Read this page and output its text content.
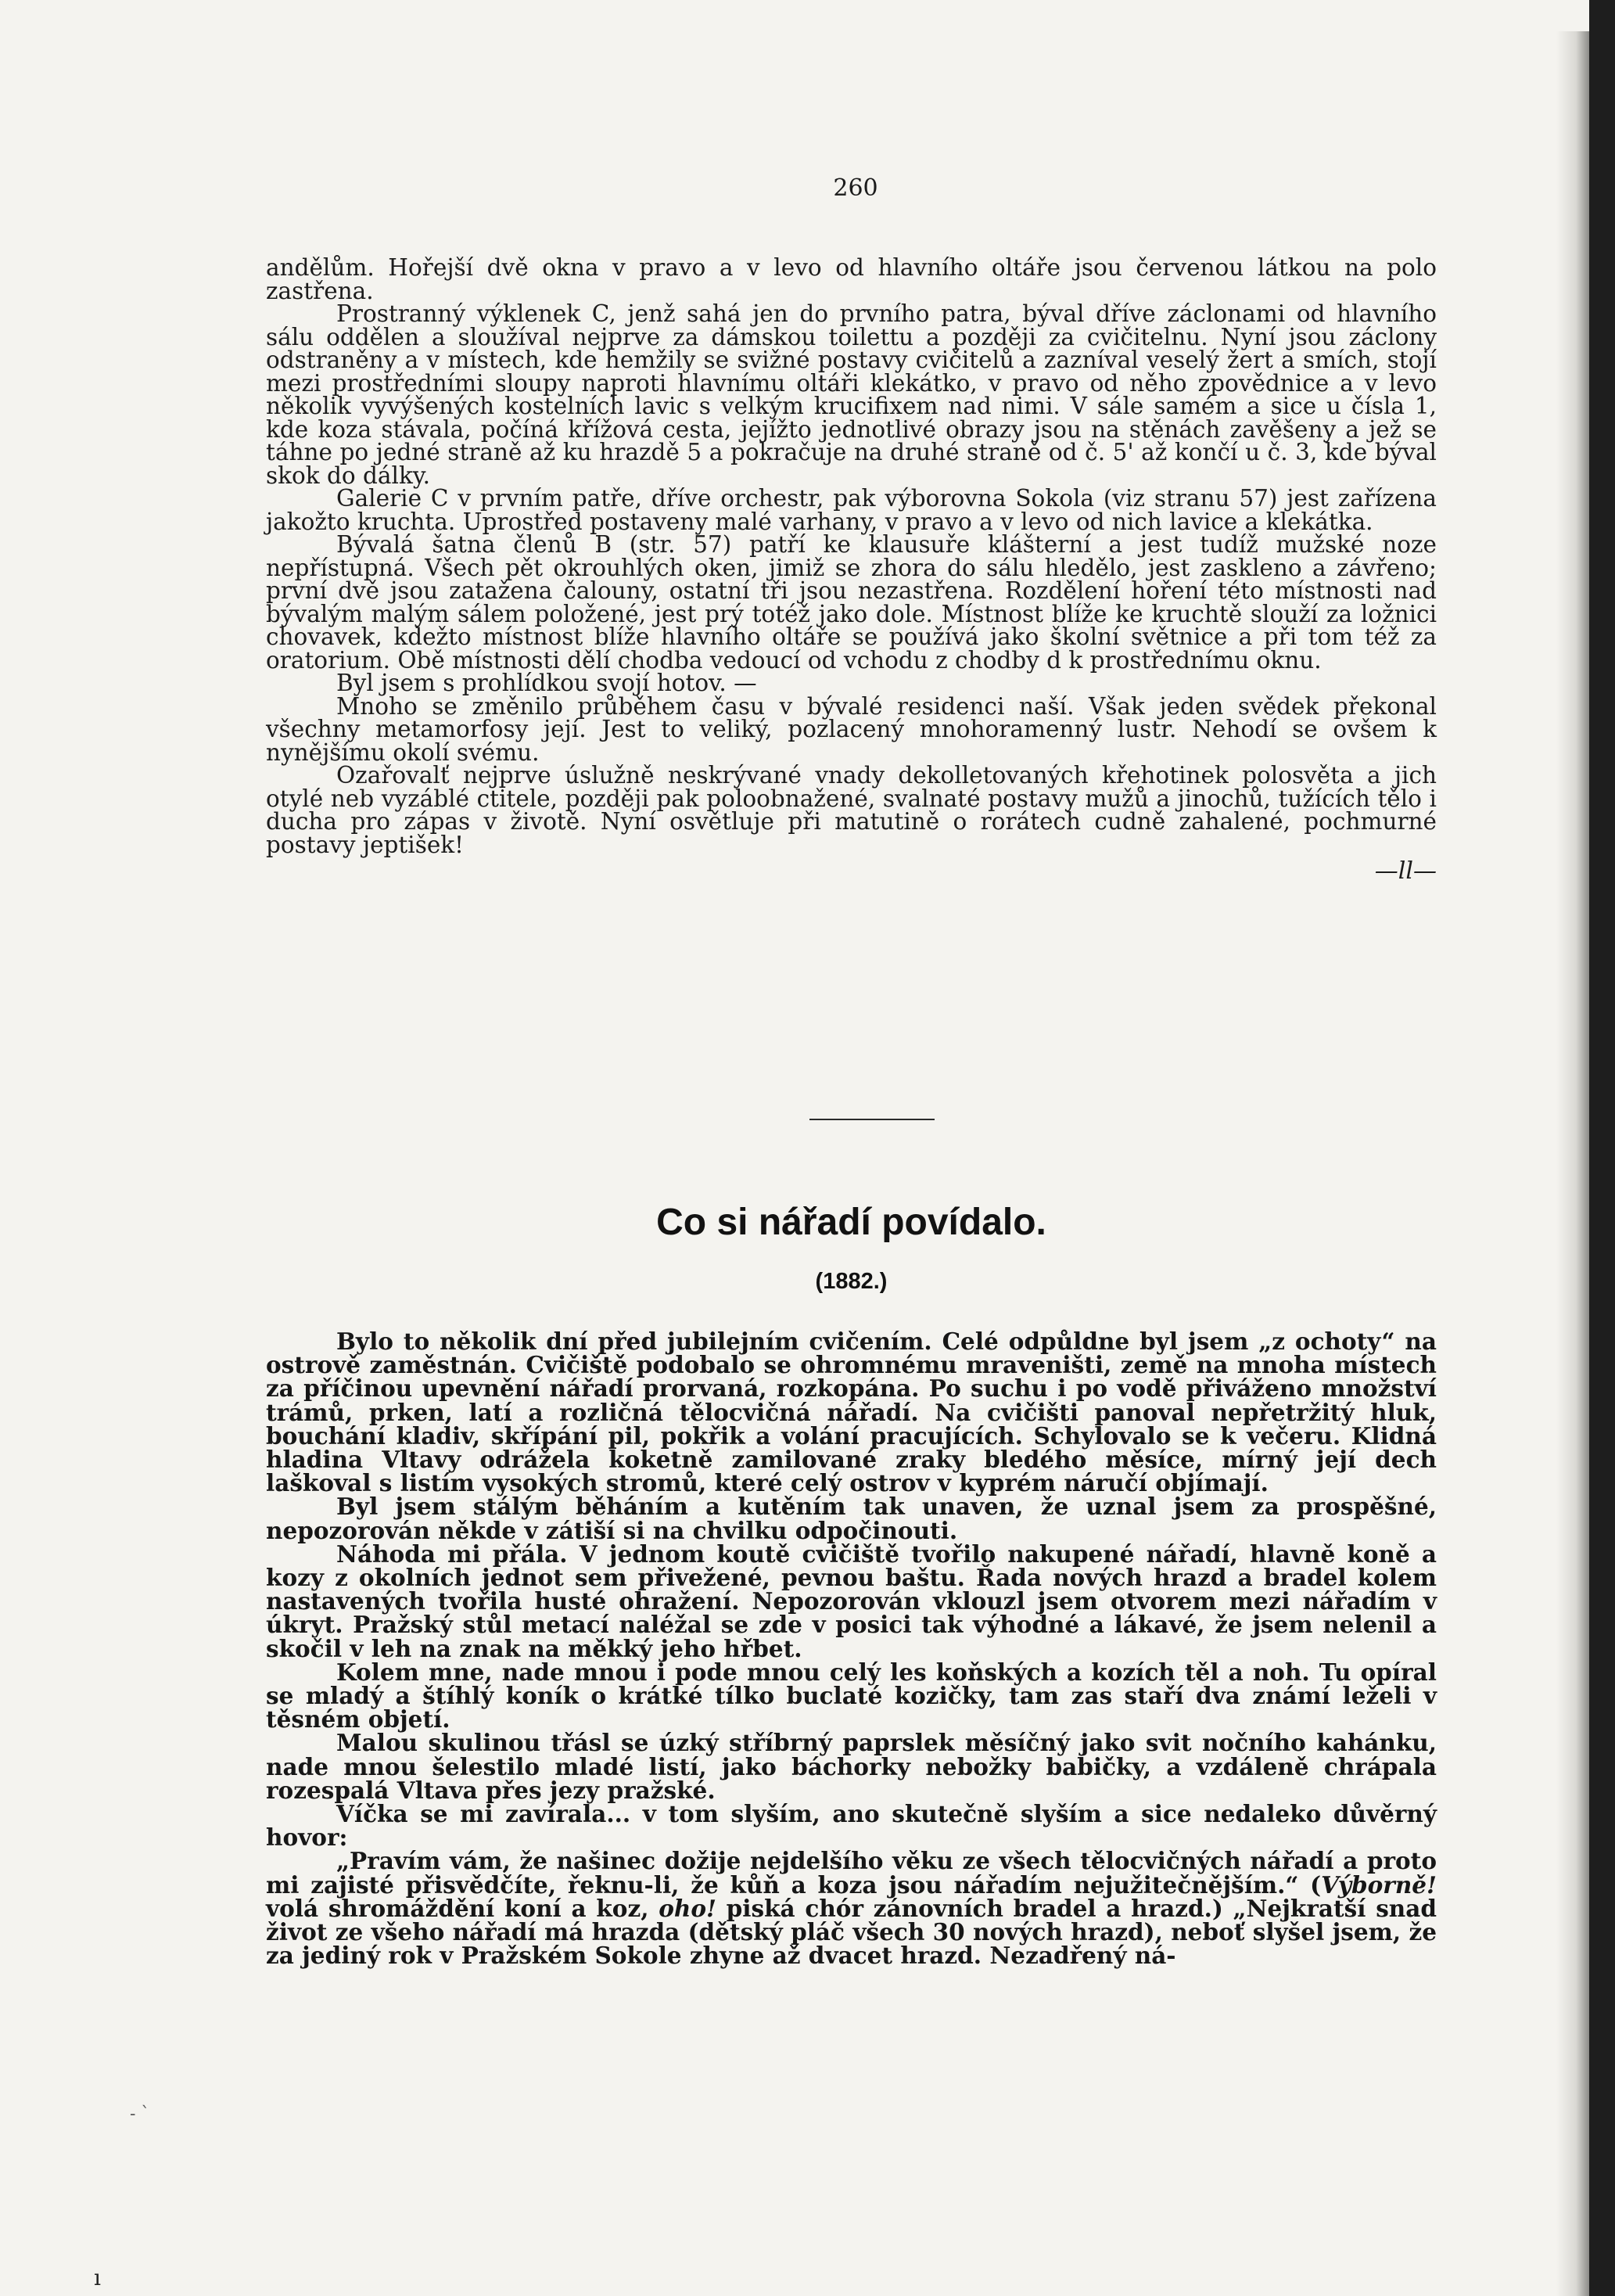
260

andělům. Hořejší dvě okna v pravo a v levo od hlavního oltáře jsou červenou látkou na polo zastřena.

Prostranný výklenek C, jenž sahá jen do prvního patra, býval dříve záclonami od hlavního sálu oddělen a sloužíval nejprve za dámskou toilettu a později za cvičitelnu. Nyní jsou záclony odstraněny a v místech, kde hemžily se svižné postavy cvičitelů a zazníval veselý žert a smích, stojí mezi prostředními sloupy naproti hlavnímu oltáři klekátko, v pravo od něho zpovědnice a v levo několik vyvýšených kostelních lavic s velkým krucifixem nad nimi. V sále samém a sice u čísla 1, kde koza stávala, počíná křížová cesta, jejížto jednotlivé obrazy jsou na stěnách zavěšeny a jež se táhne po jedné straně až ku hrazdě 5 a pokračuje na druhé straně od č. 5' až končí u č. 3, kde býval skok do dálky.

Galerie C v prvním patře, dříve orchestr, pak výborovna Sokola (viz stranu 57) jest zařízena jakožto kruchta. Uprostřed postaveny malé varhany, v pravo a v levo od nich lavice a klekátka.

Bývalá šatna členů B (str. 57) patří ke klausuře klášterní a jest tudíž mužské noze nepřístupná. Všech pět okrouhlých oken, jimiž se zhora do sálu hledělo, jest zaskleno a závřeno; první dvě jsou zatažena čalouny, ostatní tři jsou nezastřena. Rozdělení hoření této místnosti nad bývalým malým sálem položené, jest prý totéž jako dole. Místnost blíže ke kruchtě slouží za ložnici chovavek, kdežto místnost blíže hlavního oltáře se používá jako školní světnice a při tom též za oratorium. Obě místnosti dělí chodba vedoucí od vchodu z chodby d k prostřednímu oknu.

Byl jsem s prohlídkou svojí hotov. —

Mnoho se změnilo průběhem času v bývalé residenci naší. Však jeden svědek překonal všechny metamorfosy její. Jest to veliký, pozlacený mnohoramenný lustr. Nehodí se ovšem k nynějšímu okolí svému.

Ozařovalť nejprve úslužně neskrývané vnady dekolletovaných křehotinek polosvěta a jich otylé neb vyzáblé ctitele, později pak poloobnažené, svalnaté postavy mužů a jinochů, tužících tělo i ducha pro zápas v životě. Nyní osvětluje při matutině o rorátech cudně zahalené, pochmurné postavy jeptišek!

—ll—
Co si nářadí povídalo.
(1882.)

Bylo to několik dní před jubilejním cvičením. Celé odpůldne byl jsem „z ochoty“ na ostrově zaměstnán. Cvičiště podobalo se ohromnému mraveništi, země na mnoha místech za příčinou upevnění nářadí prorvaná, rozkopána. Po suchu i po vodě přiváženo množství trámů, prken, latí a rozličná tělocvičná nářadí. Na cvičišti panoval nepřetržitý hluk, bouchání kladiv, skřípání pil, pokřik a volání pracujících. Schylovalo se k večeru. Klidná hladina Vltavy odrážela koketně zamilované zraky bledého měsíce, mírný její dech laškoval s listím vysokých stromů, které celý ostrov v kyprém náručí objímají.

Byl jsem stálým běháním a kutěním tak unaven, že uznal jsem za prospěšné, nepozorován někde v zátiší si na chvilku odpočinouti.

Náhoda mi přála. V jednom koutě cvičiště tvořilo nakupené nářadí, hlavně koně a kozy z okolních jednot sem přivežené, pevnou baštu. Řada nových hrazd a bradel kolem nastavených tvořila husté ohražení. Nepozorován vklouzl jsem otvorem mezi nářadím v úkryt. Pražský stůl metací naléžal se zde v posici tak výhodné a lákavé, že jsem nelenil a skočil v leh na znak na měkký jeho hřbet.

Kolem mne, nade mnou i pode mnou celý les koňských a kozích těl a noh. Tu opíral se mladý a štíhlý koník o krátké tílko buclaté kozičky, tam zas staří dva známí leželi v těsném objetí.

Malou skulinou třásl se úzký stříbrný paprslek měsíčný jako svit nočního kahánku, nade mnou šelestilo mladé listí, jako báchorky nebožky babičky, a vzdáleně chrápala rozespalá Vltava přes jezy pražské.

Víčka se mi zavírala... v tom slyším, ano skutečně slyším a sice nedaleko důvěrný hovor:

„Pravím vám, že našinec dožije nejdelšího věku ze všech tělocvičných nářadí a proto mi zajisté přisvědčíte, řeknu-li, že kůň a koza jsou nářadím nejužitečnějším.“ (Výborně! volá shromáždění koní a koz, oho! piská chór zánovních bradel a hrazd.) „Nejkratší snad život ze všeho nářadí má hrazda (dětský pláč všech 30 nových hrazd), neboť slyšel jsem, že za jediný rok v Pražském Sokole zhyne až dvacet hrazd. Nezadřený ná-

- ˋ
ı
